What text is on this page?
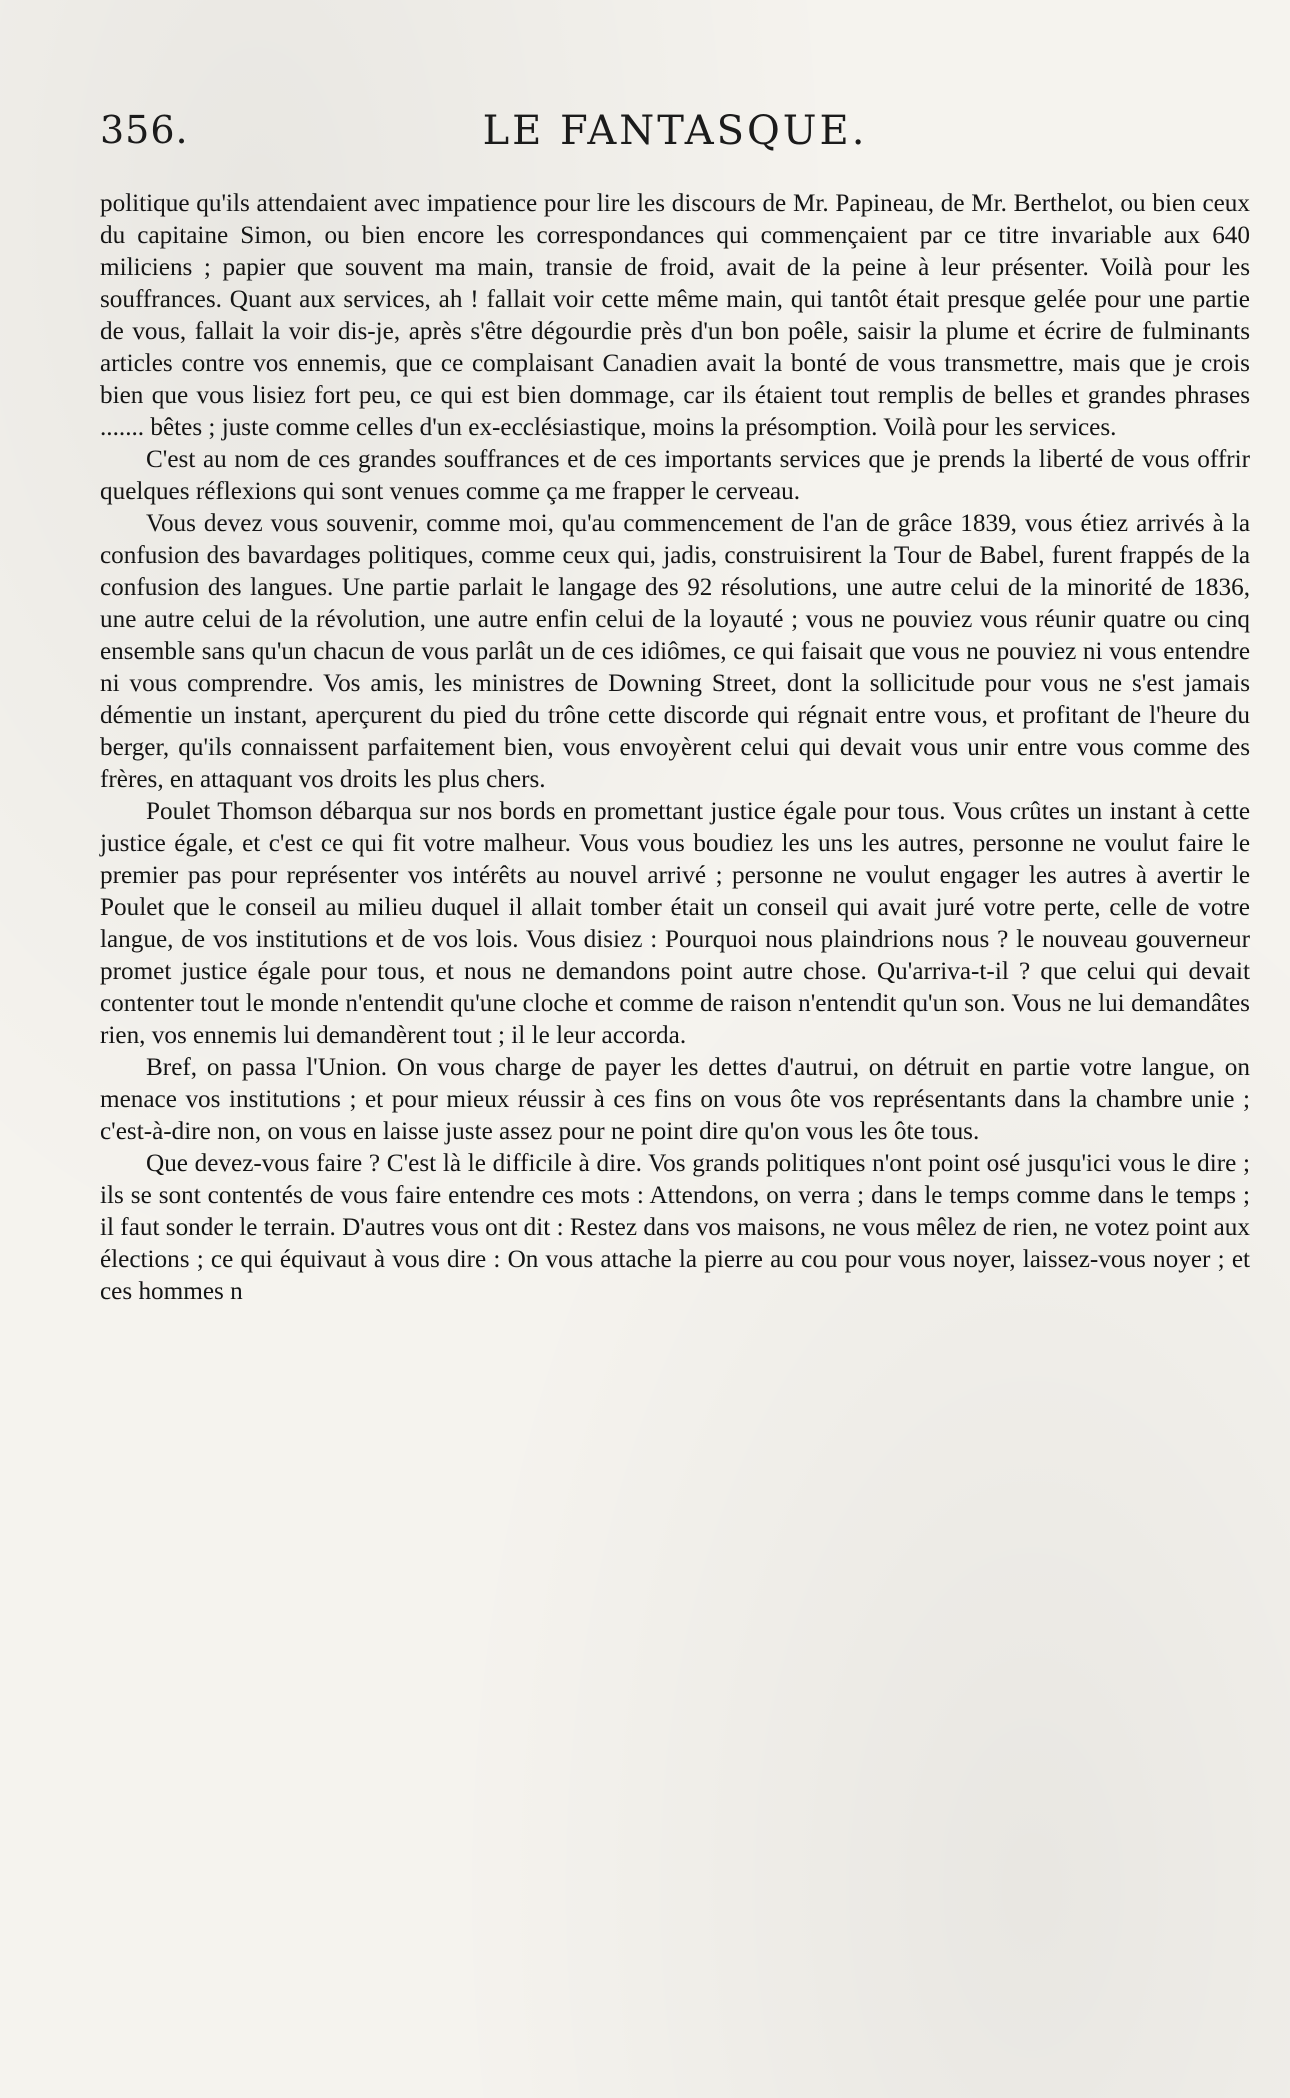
356.	LE FANTASQUE.

politique qu'ils attendaient avec impatience pour lire les discours de Mr. Papineau, de Mr. Berthelot, ou bien ceux du capitaine Simon, ou bien encore les correspondances qui commençaient par ce titre invariable aux 640 miliciens ; papier que souvent ma main, transie de froid, avait de la peine à leur présenter. Voilà pour les souffrances. Quant aux services, ah ! fallait voir cette même main, qui tantôt était presque gelée pour une partie de vous, fallait la voir dis-je, après s'être dégourdie près d'un bon poêle, saisir la plume et écrire de fulminants articles contre vos ennemis, que ce complaisant Canadien avait la bonté de vous transmettre, mais que je crois bien que vous lisiez fort peu, ce qui est bien dommage, car ils étaient tout remplis de belles et grandes phrases ....... bêtes ; juste comme celles d'un ex-ecclésiastique, moins la présomption. Voilà pour les services.

C'est au nom de ces grandes souffrances et de ces importants services que je prends la liberté de vous offrir quelques réflexions qui sont venues comme ça me frapper le cerveau.

Vous devez vous souvenir, comme moi, qu'au commencement de l'an de grâce 1839, vous étiez arrivés à la confusion des bavardages politiques, comme ceux qui, jadis, construisirent la Tour de Babel, furent frappés de la confusion des langues. Une partie parlait le langage des 92 résolutions, une autre celui de la minorité de 1836, une autre celui de la révolution, une autre enfin celui de la loyauté ; vous ne pouviez vous réunir quatre ou cinq ensemble sans qu'un chacun de vous parlât un de ces idiômes, ce qui faisait que vous ne pouviez ni vous entendre ni vous comprendre. Vos amis, les ministres de Downing Street, dont la sollicitude pour vous ne s'est jamais démentie un instant, aperçurent du pied du trône cette discorde qui régnait entre vous, et profitant de l'heure du berger, qu'ils connaissent parfaitement bien, vous envoyèrent celui qui devait vous unir entre vous comme des frères, en attaquant vos droits les plus chers.

Poulet Thomson débarqua sur nos bords en promettant justice égale pour tous. Vous crûtes un instant à cette justice égale, et c'est ce qui fit votre malheur. Vous vous boudiez les uns les autres, personne ne voulut faire le premier pas pour représenter vos intérêts au nouvel arrivé ; personne ne voulut engager les autres à avertir le Poulet que le conseil au milieu duquel il allait tomber était un conseil qui avait juré votre perte, celle de votre langue, de vos institutions et de vos lois. Vous disiez : Pourquoi nous plaindrions nous ? le nouveau gouverneur promet justice égale pour tous, et nous ne demandons point autre chose. Qu'arriva-t-il ? que celui qui devait contenter tout le monde n'entendit qu'une cloche et comme de raison n'entendit qu'un son. Vous ne lui demandâtes rien, vos ennemis lui demandèrent tout ; il le leur accorda.

Bref, on passa l'Union. On vous charge de payer les dettes d'autrui, on détruit en partie votre langue, on menace vos institutions ; et pour mieux réussir à ces fins on vous ôte vos représentants dans la chambre unie ; c'est-à-dire non, on vous en laisse juste assez pour ne point dire qu'on vous les ôte tous.

Que devez-vous faire ? C'est là le difficile à dire. Vos grands politiques n'ont point osé jusqu'ici vous le dire ; ils se sont contentés de vous faire entendre ces mots : Attendons, on verra ; dans le temps comme dans le temps ; il faut sonder le terrain. D'autres vous ont dit : Restez dans vos maisons, ne vous mêlez de rien, ne votez point aux élections ; ce qui équivaut à vous dire : On vous attache la pierre au cou pour vous noyer, laissez-vous noyer ; et ces hommes n
